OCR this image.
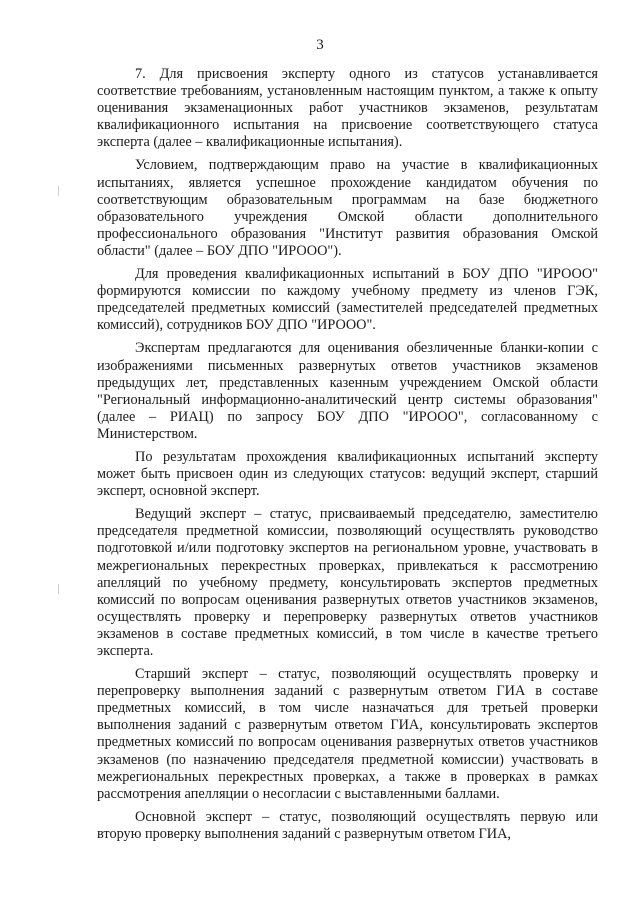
3

7. Для присвоения эксперту одного из статусов устанавливается соответствие требованиям, установленным настоящим пунктом, а также к опыту оценивания экзаменационных работ участников экзаменов, результатам квалификационного испытания на присвоение соответствующего статуса эксперта (далее – квалификационные испытания).

Условием, подтверждающим право на участие в квалификационных испытаниях, является успешное прохождение кандидатом обучения по соответствующим образовательным программам на базе бюджетного образовательного учреждения Омской области дополнительного профессионального образования "Институт развития образования Омской области" (далее – БОУ ДПО "ИРООО").

Для проведения квалификационных испытаний в БОУ ДПО "ИРООО" формируются комиссии по каждому учебному предмету из членов ГЭК, председателей предметных комиссий (заместителей председателей предметных комиссий), сотрудников БОУ ДПО "ИРООО".

Экспертам предлагаются для оценивания обезличенные бланки-копии с изображениями письменных развернутых ответов участников экзаменов предыдущих лет, представленных казенным учреждением Омской области "Региональный информационно-аналитический центр системы образования" (далее – РИАЦ) по запросу БОУ ДПО "ИРООО", согласованному с Министерством.

По результатам прохождения квалификационных испытаний эксперту может быть присвоен один из следующих статусов: ведущий эксперт, старший эксперт, основной эксперт.

Ведущий эксперт – статус, присваиваемый председателю, заместителю председателя предметной комиссии, позволяющий осуществлять руководство подготовкой и/или подготовку экспертов на региональном уровне, участвовать в межрегиональных перекрестных проверках, привлекаться к рассмотрению апелляций по учебному предмету, консультировать экспертов предметных комиссий по вопросам оценивания развернутых ответов участников экзаменов, осуществлять проверку и перепроверку развернутых ответов участников экзаменов в составе предметных комиссий, в том числе в качестве третьего эксперта.

Старший эксперт – статус, позволяющий осуществлять проверку и перепроверку выполнения заданий с развернутым ответом ГИА в составе предметных комиссий, в том числе назначаться для третьей проверки выполнения заданий с развернутым ответом ГИА, консультировать экспертов предметных комиссий по вопросам оценивания развернутых ответов участников экзаменов (по назначению председателя предметной комиссии) участвовать в межрегиональных перекрестных проверках, а также в проверках в рамках рассмотрения апелляции о несогласии с выставленными баллами.

Основной эксперт – статус, позволяющий осуществлять первую или вторую проверку выполнения заданий с развернутым ответом ГИА,
